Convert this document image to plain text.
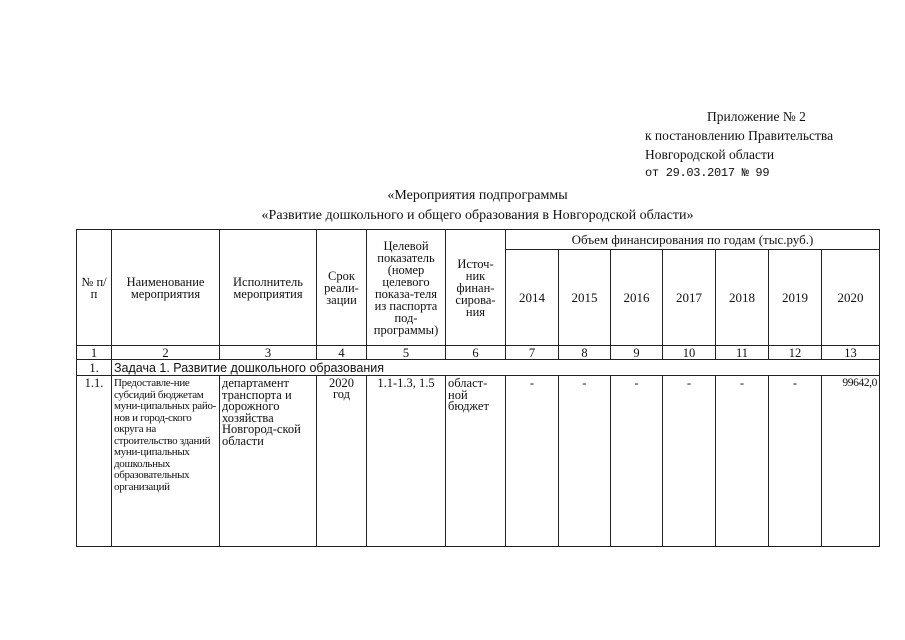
Приложение № 2
к постановлению Правительства
Новгородской области
от 29.03.2017 № 99
«Мероприятия подпрограммы
«Развитие дошкольного и общего образования в Новгородской области»
№ п/п	Наименование мероприятия	Исполнитель мероприятия	Срок реали-зации	Целевой показатель (номер целевого показа-теля из паспорта под-программы)	Источ-ник финан-сирова-ния	Объем финансирования по годам (тыс.руб.)						
						2014	2015	2016	2017	2018	2019	2020
1	2	3	4	5	6	7	8	9	10	11	12	13
1.	Задача 1. Развитие дошкольного образования											
1.1.	Предоставле-ние субсидий бюджетам муни-ципальных райо-нов и город-ского округа на строительство зданий муни-ципальных дошкольных образовательных организаций	департамент транспорта и дорожного хозяйства Новгород-ской области	2020 год	1.1-1.3, 1.5	област-ной бюджет	-	-	-	-	-	-	99642,0
